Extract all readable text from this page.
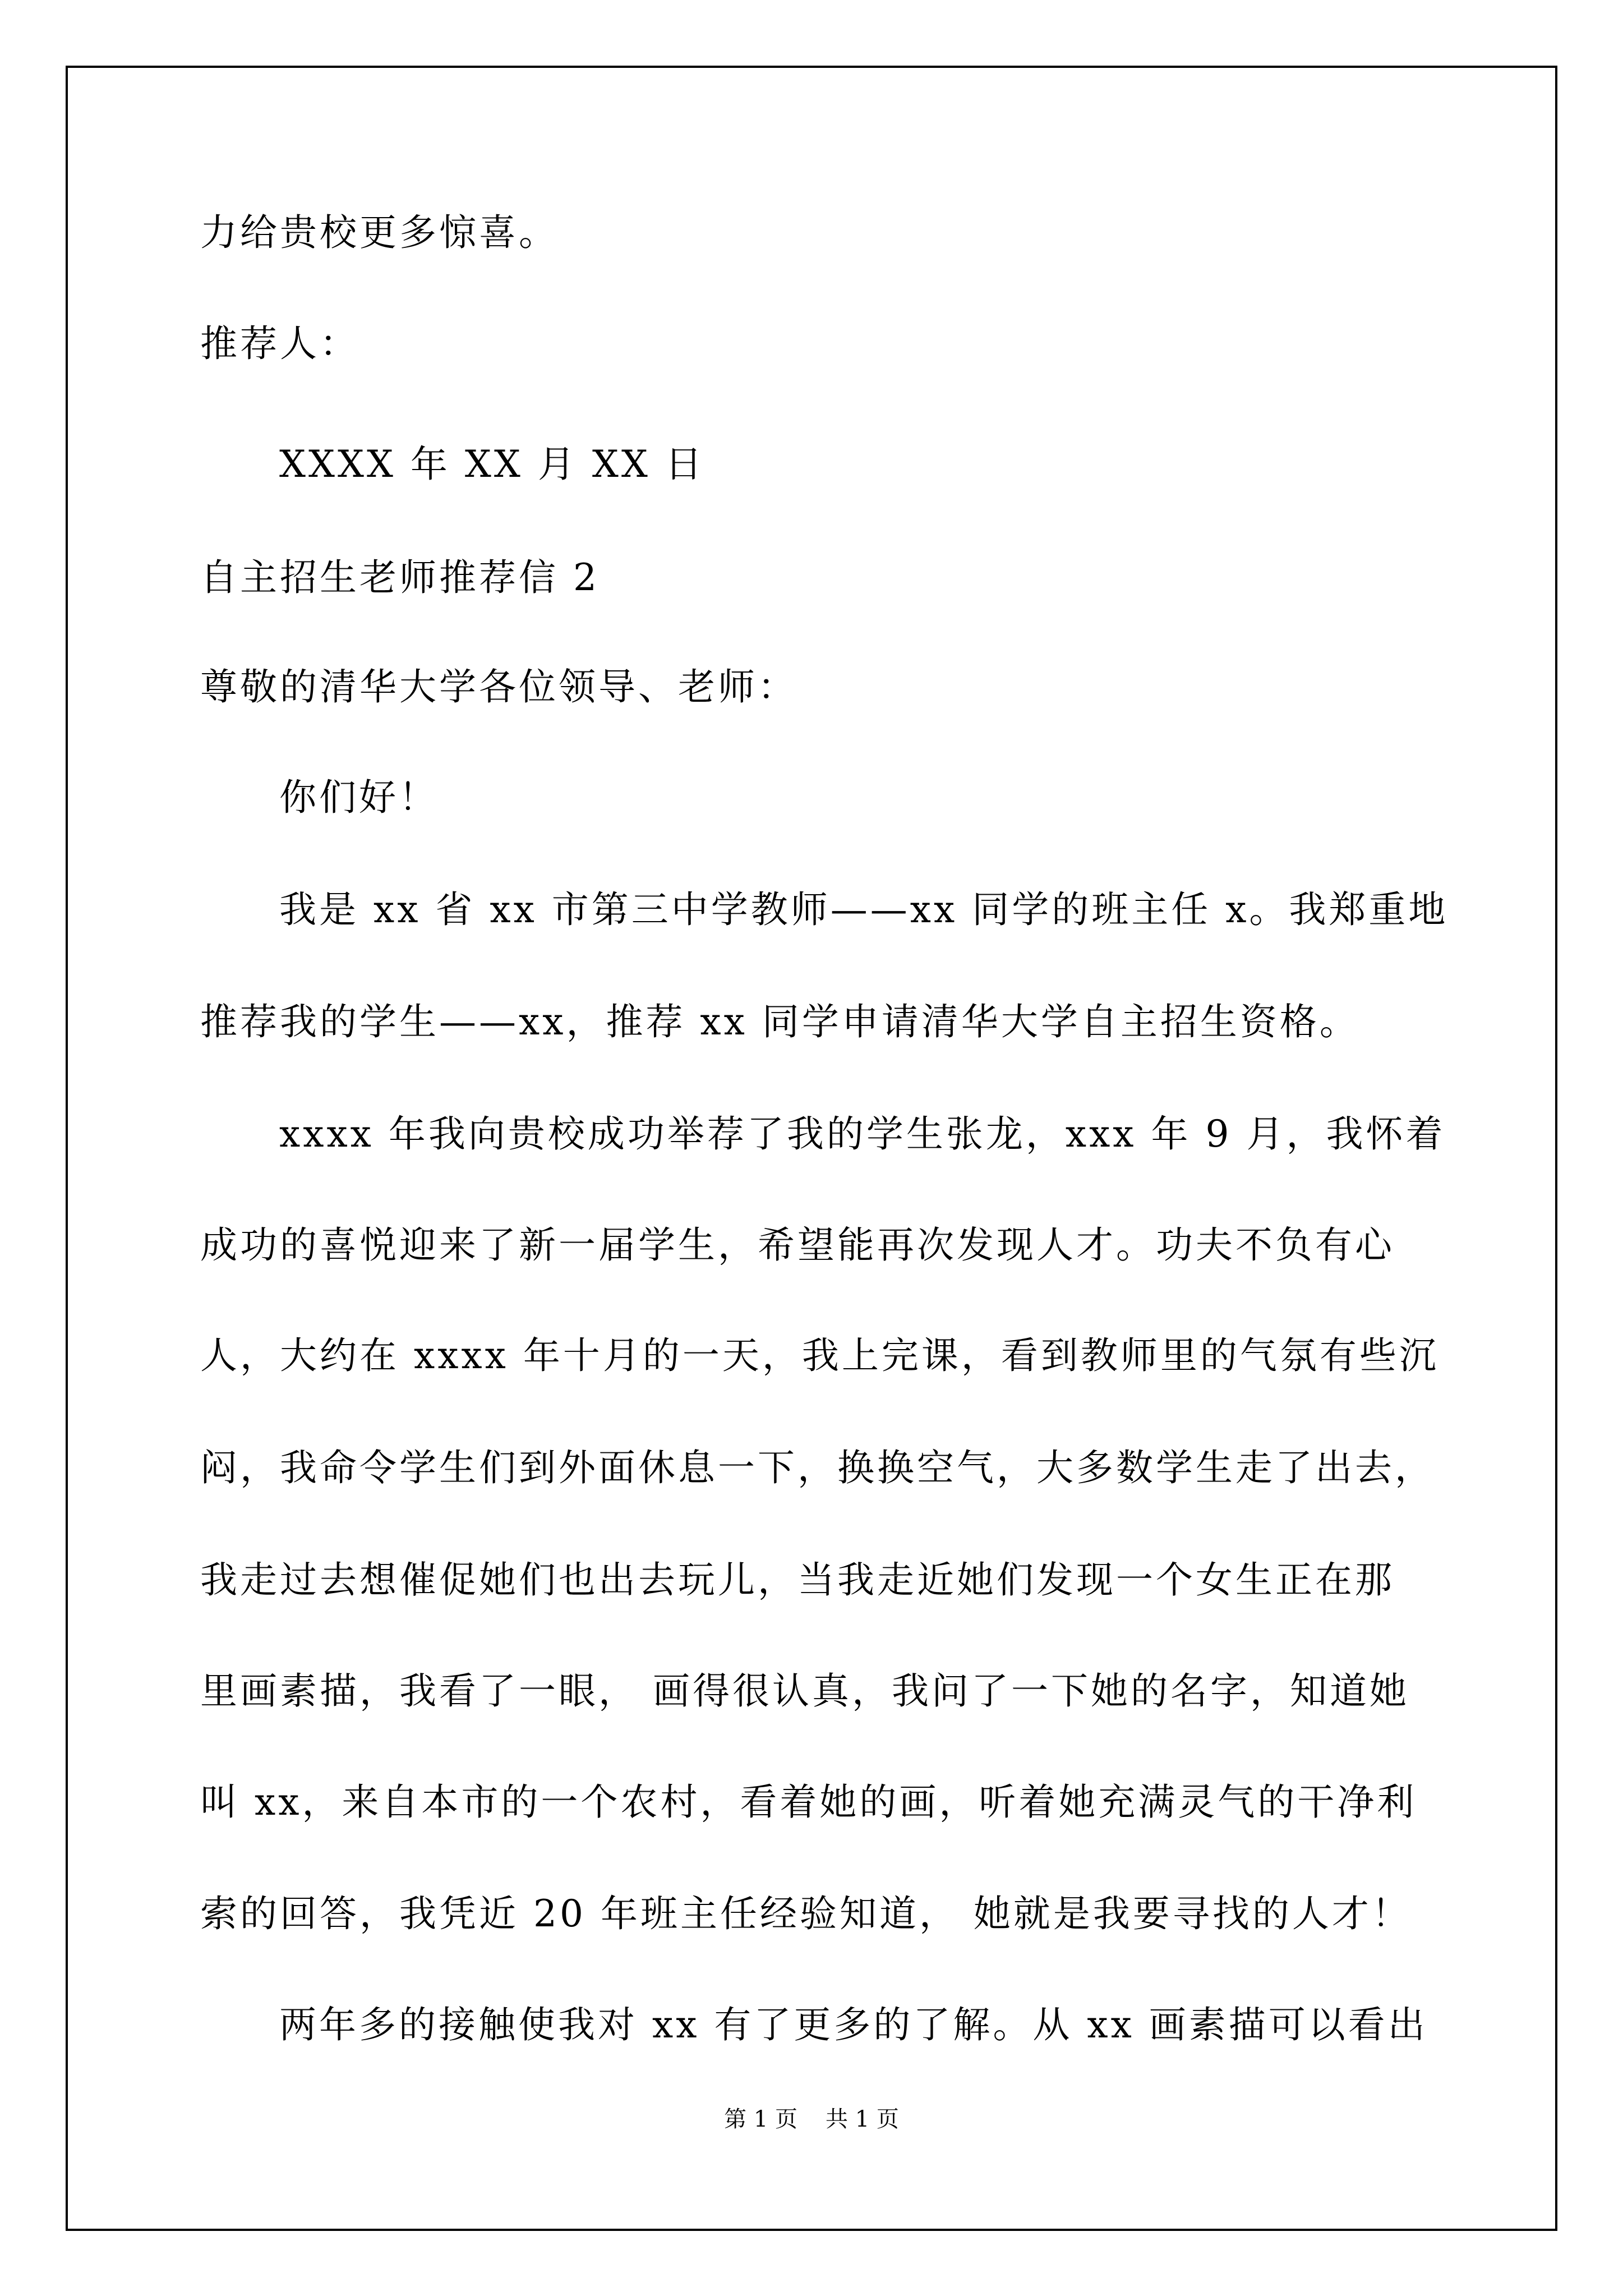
力给贵校更多惊喜。
推荐人：
XXXX 年 XX 月 XX 日
自主招生老师推荐信 2
尊敬的清华大学各位领导、老师：
你们好！
我是 xx 省 xx 市第三中学教师——xx 同学的班主任 x。我郑重地
推荐我的学生——xx，推荐 xx 同学申请清华大学自主招生资格。
xxxx 年我向贵校成功举荐了我的学生张龙，xxx 年 9 月，我怀着
成功的喜悦迎来了新一届学生，希望能再次发现人才。功夫不负有心
人，大约在 xxxx 年十月的一天，我上完课，看到教师里的气氛有些沉
闷，我命令学生们到外面休息一下，换换空气，大多数学生走了出去，
我走过去想催促她们也出去玩儿，当我走近她们发现一个女生正在那
里画素描，我看了一眼， 画得很认真，我问了一下她的名字，知道她
叫 xx，来自本市的一个农村，看着她的画，听着她充满灵气的干净利
索的回答，我凭近 20 年班主任经验知道， 她就是我要寻找的人才！
两年多的接触使我对 xx 有了更多的了解。从 xx 画素描可以看出
第 1 页 共 1 页
